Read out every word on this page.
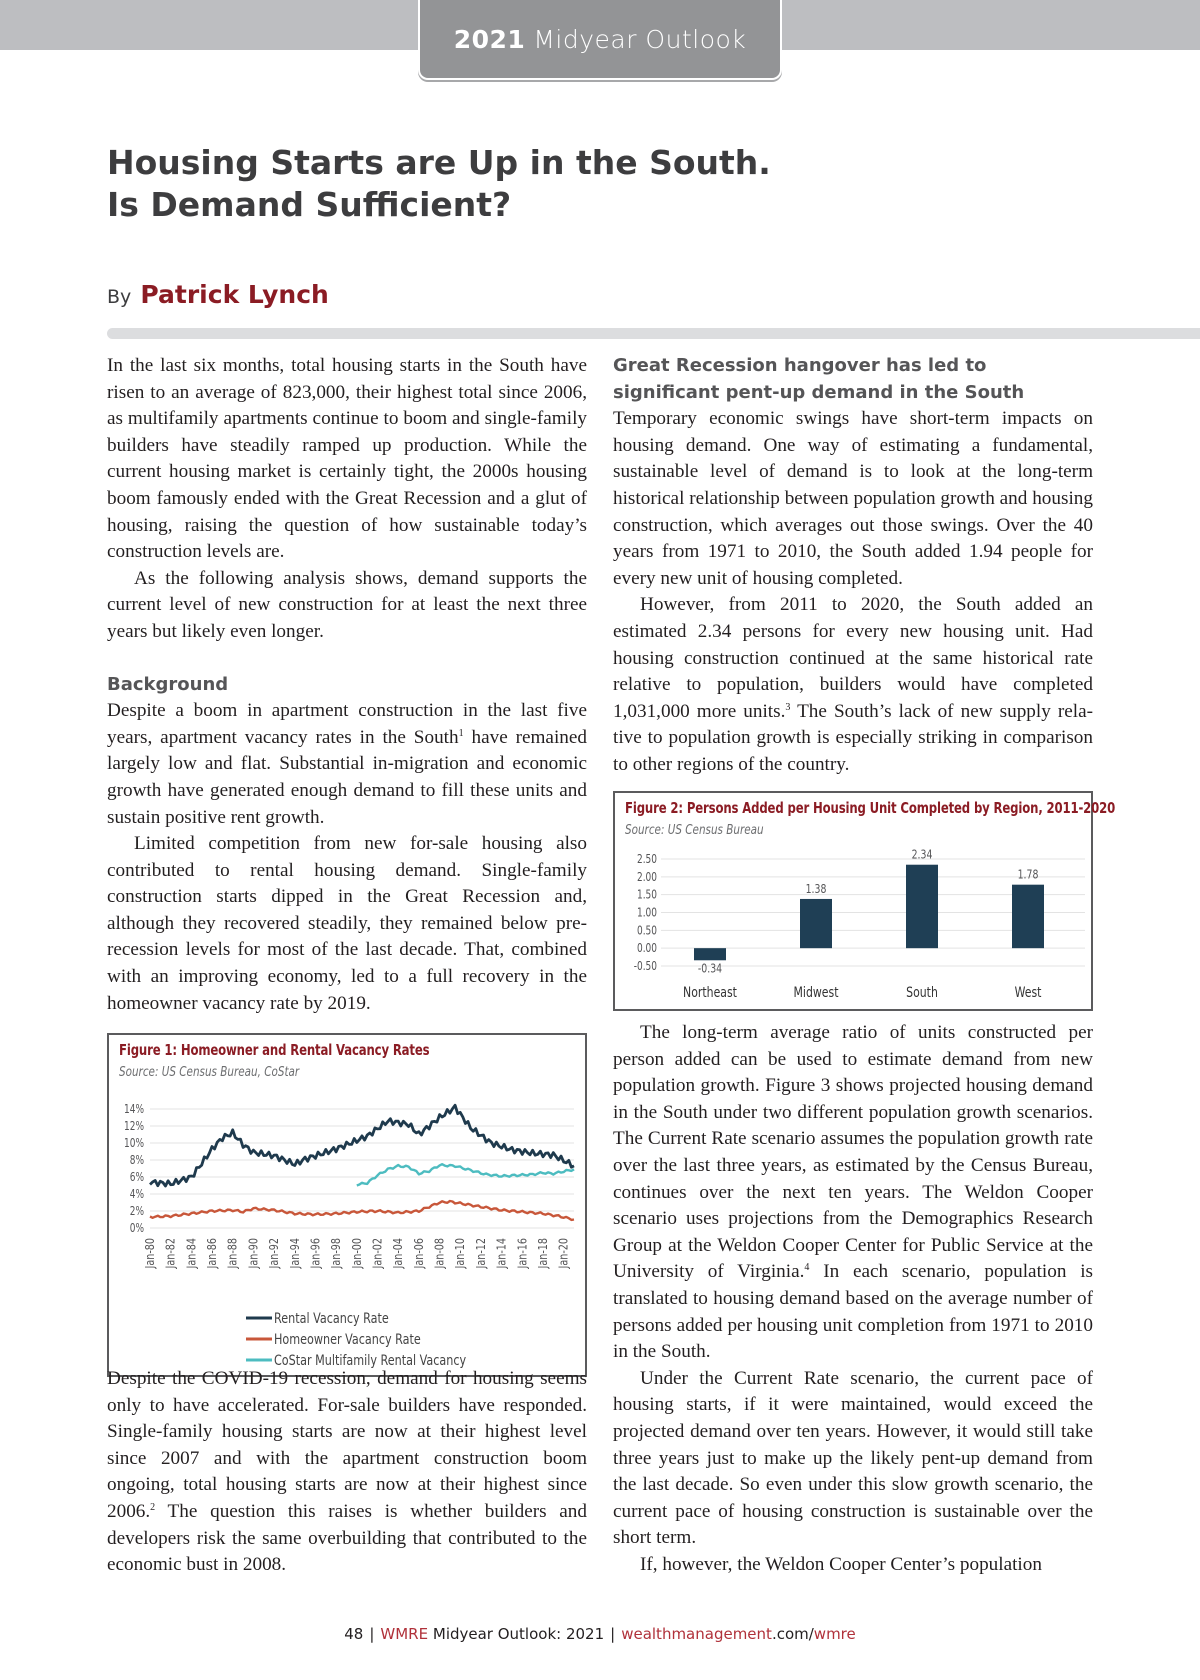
2021 Midyear Outlook
Housing Starts are Up in the South.
Is Demand Sufficient?
By Patrick Lynch

In the last six months, total housing starts in the South have risen to an average of 823,000, their highest total since 2006, as multifamily apartments continue to boom and single-family builders have steadily ramped up production. While the current housing market is certainly tight, the 2000s housing boom famously ended with the Great Recession and a glut of housing, raising the question of how sustainable today’s construction levels are.

As the following analysis shows, demand supports the current level of new construction for at least the next three years but likely even longer.

Background

Despite a boom in apartment construction in the last five years, apartment vacancy rates in the South$^1$ have remained largely low and flat. Substantial in-migration and economic growth have generated enough demand to fill these units and sustain positive rent growth.

Limited competition from new for-sale housing also contributed to rental housing demand. Single-family construction starts dipped in the Great Recession and, although they recovered steadily, they remained below pre-recession levels for most of the last decade. That, combined with an improving economy, led to a full recovery in the homeowner vacancy rate by 2019.

Figure 1: Homeowner and Rental Vacancy Rates
Source: US Census Bureau, CoStar
0%
2%
4%
6%
8%
10%
12%
14%
Jan-80 Jan-82 Jan-84 Jan-86 Jan-88 Jan-90 Jan-92 Jan-94 Jan-96 Jan-98 Jan-00 Jan-02 Jan-04 Jan-06 Jan-08 Jan-10 Jan-12 Jan-14 Jan-16 Jan-18 Jan-20
Rental Vacancy Rate
Homeowner Vacancy Rate
CoStar Multifamily Rental Vacancy

Despite the COVID-19 recession, demand for housing seems only to have accelerated. For-sale builders have responded. Single-family housing starts are now at their highest level since 2007 and with the apartment construction boom ongoing, total housing starts are now at their highest since 2006.$^2$ The question this raises is whether builders and developers risk the same overbuilding that contributed to the economic bust in 2008.

Great Recession hangover has led to significant pent-up demand in the South

Temporary economic swings have short-term impacts on housing demand. One way of estimating a fundamental, sustainable level of demand is to look at the long-term historical relationship between population growth and housing construction, which averages out those swings. Over the 40 years from 1971 to 2010, the South added 1.94 people for every new unit of housing completed.

However, from 2011 to 2020, the South added an estimated 2.34 persons for every new housing unit. Had housing construction continued at the same historical rate relative to population, builders would have completed 1,031,000 more units.$^3$ The South’s lack of new supply relative to population growth is especially striking in comparison to other regions of the country.

Figure 2: Persons Added per Housing Unit Completed by Region, 2011-2020
Source: US Census Bureau
-0.50
0.00
0.50
1.00
1.50
2.00
2.50
-0.34
Northeast
1.38
Midwest
2.34
South
1.78
West

The long-term average ratio of units constructed per person added can be used to estimate demand from new population growth. Figure 3 shows projected housing demand in the South under two different population growth scenarios. The Current Rate scenario assumes the population growth rate over the last three years, as estimated by the Census Bureau, continues over the next ten years. The Weldon Cooper scenario uses projections from the Demographics Research Group at the Weldon Cooper Center for Public Service at the University of Virginia.$^4$ In each scenario, population is translated to housing demand based on the average number of persons added per housing unit completion from 1971 to 2010 in the South.

Under the Current Rate scenario, the current pace of housing starts, if it were maintained, would exceed the projected demand over ten years. However, it would still take three years just to make up the likely pent-up demand from the last decade. So even under this slow growth scenario, the current pace of housing construction is sustainable over the short term.

If, however, the Weldon Cooper Center’s population

48 | WMRE Midyear Outlook: 2021 | wealthmanagement.com/wmre
